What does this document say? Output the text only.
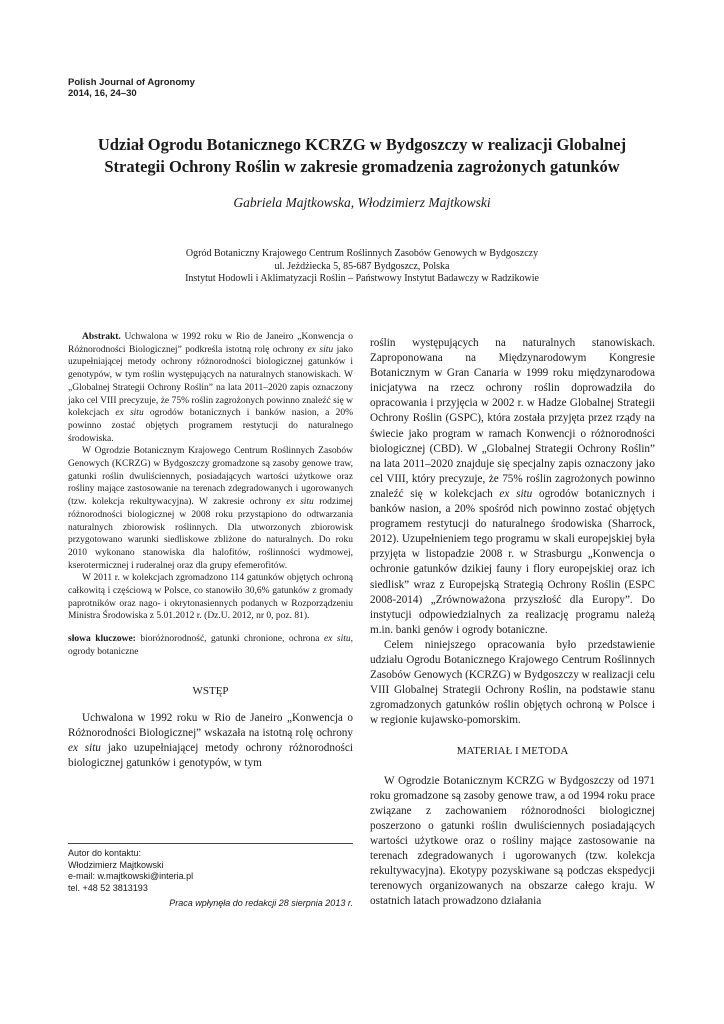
Polish Journal of Agronomy
2014, 16, 24–30
Udział Ogrodu Botanicznego KCRZG w Bydgoszczy w realizacji Globalnej
Strategii Ochrony Roślin w zakresie gromadzenia zagrożonych gatunków
Gabriela Majtkowska, Włodzimierz Majtkowski
Ogród Botaniczny Krajowego Centrum Roślinnych Zasobów Genowych w Bydgoszczy
ul. Jeżdżiecka 5, 85-687 Bydgoszcz, Polska
Instytut Hodowli i Aklimatyzacji Roślin – Państwowy Instytut Badawczy w Radzikowie

Abstrakt. Uchwalona w 1992 roku w Rio de Janeiro „Konwencja o Różnorodności Biologicznej” podkreśla istotną rolę ochrony ex situ jako uzupełniającej metody ochrony różnorodności biologicznej gatunków i genotypów, w tym roślin występujących na naturalnych stanowiskach. W „Globalnej Strategii Ochrony Roślin” na lata 2011–2020 zapis oznaczony jako cel VIII precyzuje, że 75% roślin zagrożonych powinno znaleźć się w kolekcjach ex situ ogrodów botanicznych i banków nasion, a 20% powinno zostać objętych programem restytucji do naturalnego środowiska.

W Ogrodzie Botanicznym Krajowego Centrum Roślinnych Zasobów Genowych (KCRZG) w Bydgoszczy gromadzone są zasoby genowe traw, gatunki roślin dwuliściennych, posiadających wartości użytkowe oraz rośliny mające zastosowanie na terenach zdegradowanych i ugorowanych (tzw. kolekcja rekultywacyjna). W zakresie ochrony ex situ rodzimej różnorodności biologicznej w 2008 roku przystąpiono do odtwarzania naturalnych zbiorowisk roślinnych. Dla utworzonych zbiorowisk przygotowano warunki siedliskowe zbliżone do naturalnych. Do roku 2010 wykonano stanowiska dla halofitów, roślinności wydmowej, kserotermicznej i ruderalnej oraz dla grupy efemerofitów.

W 2011 r. w kolekcjach zgromadzono 114 gatunków objętych ochroną całkowitą i częściową w Polsce, co stanowiło 30,6% gatunków z gromady paprotników oraz nago- i okrytonasiennych podanych w Rozporządzeniu Ministra Środowiska z 5.01.2012 r. (Dz.U. 2012, nr 0, poz. 81).

słowa kluczowe: bioróżnorodność, gatunki chronione, ochrona ex situ, ogrody botaniczne

WSTĘP

Uchwalona w 1992 roku w Rio de Janeiro „Konwencja o Różnorodności Biologicznej” wskazała na istotną rolę ochrony ex situ jako uzupełniającej metody ochrony różnorodności biologicznej gatunków i genotypów, w tym

Autor do kontaktu:
Włodzimierz Majtkowski
e-mail: w.majtkowski@interia.pl
tel. +48 52 3813193
Praca wpłynęła do redakcji 28 sierpnia 2013 r.

roślin występujących na naturalnych stanowiskach. Zaproponowana na Międzynarodowym Kongresie Botanicznym w Gran Canaria w 1999 roku międzynarodowa inicjatywa na rzecz ochrony roślin doprowadziła do opracowania i przyjęcia w 2002 r. w Hadze Globalnej Strategii Ochrony Roślin (GSPC), która została przyjęta przez rządy na świecie jako program w ramach Konwencji o różnorodności biologicznej (CBD). W „Globalnej Strategii Ochrony Roślin” na lata 2011–2020 znajduje się specjalny zapis oznaczony jako cel VIII, który precyzuje, że 75% roślin zagrożonych powinno znaleźć się w kolekcjach ex situ ogrodów botanicznych i banków nasion, a 20% spośród nich powinno zostać objętych programem restytucji do naturalnego środowiska (Sharrock, 2012). Uzupełnieniem tego programu w skali europejskiej była przyjęta w listopadzie 2008 r. w Strasburgu „Konwencja o ochronie gatunków dzikiej fauny i flory europejskiej oraz ich siedlisk” wraz z Europejską Strategią Ochrony Roślin (ESPC 2008-2014) „Zrównoważona przyszłość dla Europy”. Do instytucji odpowiedzialnych za realizację programu należą m.in. banki genów i ogrody botaniczne.

Celem niniejszego opracowania było przedstawienie udziału Ogrodu Botanicznego Krajowego Centrum Roślinnych Zasobów Genowych (KCRZG) w Bydgoszczy w realizacji celu VIII Globalnej Strategii Ochrony Roślin, na podstawie stanu zgromadzonych gatunków roślin objętych ochroną w Polsce i w regionie kujawsko-pomorskim.

MATERIAŁ I METODA

W Ogrodzie Botanicznym KCRZG w Bydgoszczy od 1971 roku gromadzone są zasoby genowe traw, a od 1994 roku prace związane z zachowaniem różnorodności biologicznej poszerzono o gatunki roślin dwuliściennych posiadających wartości użytkowe oraz o rośliny mające zastosowanie na terenach zdegradowanych i ugorowanych (tzw. kolekcja rekultywacyjna). Ekotypy pozyskiwane są podczas ekspedycji terenowych organizowanych na obszarze całego kraju. W ostatnich latach prowadzono działania
